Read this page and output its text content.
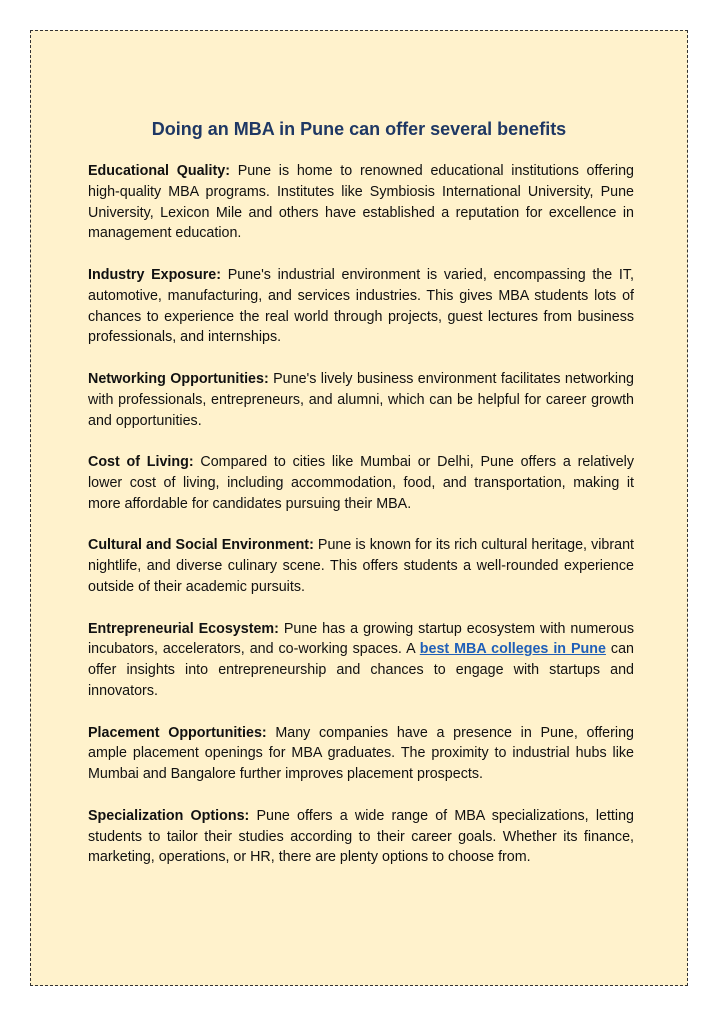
Doing an MBA in Pune can offer several benefits

Educational Quality: Pune is home to renowned educational institutions offering high-quality MBA programs. Institutes like Symbiosis International University, Pune University, Lexicon Mile and others have established a reputation for excellence in management education.

Industry Exposure: Pune's industrial environment is varied, encompassing the IT, automotive, manufacturing, and services industries. This gives MBA students lots of chances to experience the real world through projects, guest lectures from business professionals, and internships.

Networking Opportunities: Pune's lively business environment facilitates networking with professionals, entrepreneurs, and alumni, which can be helpful for career growth and opportunities.

Cost of Living: Compared to cities like Mumbai or Delhi, Pune offers a relatively lower cost of living, including accommodation, food, and transportation, making it more affordable for candidates pursuing their MBA.

Cultural and Social Environment: Pune is known for its rich cultural heritage, vibrant nightlife, and diverse culinary scene. This offers students a well-rounded experience outside of their academic pursuits.

Entrepreneurial Ecosystem: Pune has a growing startup ecosystem with numerous incubators, accelerators, and co-working spaces. A best MBA colleges in Pune can offer insights into entrepreneurship and chances to engage with startups and innovators.

Placement Opportunities: Many companies have a presence in Pune, offering ample placement openings for MBA graduates. The proximity to industrial hubs like Mumbai and Bangalore further improves placement prospects.

Specialization Options: Pune offers a wide range of MBA specializations, letting students to tailor their studies according to their career goals. Whether its finance, marketing, operations, or HR, there are plenty options to choose from.
